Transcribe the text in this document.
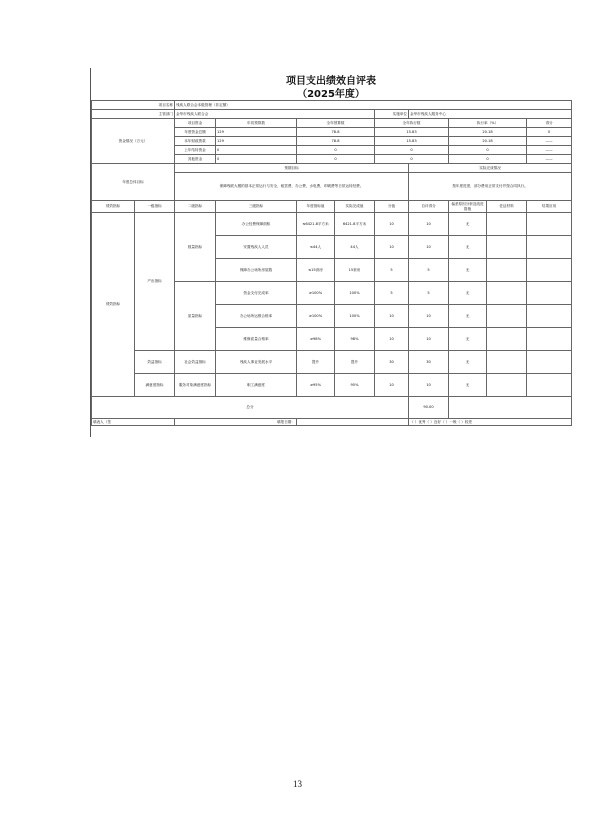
项目支出绩效自评表
（2025年度）
项目名称		残疾人联合会本级管理（非定额）								
主管部门		金华市残疾人联合会				实施单位	金华市残疾人服务中心			
资金情况（万元）		项目资金	年初预算数	全年预算数		全年执行数		执行率（%）		得分
		年度资金总额	129	78.8		15.83		20.18		0
		本年财政拨款	129	78.8		15.83		20.18		——
		上年结转资金	0	0		0		0		——
		其他资金	0	0		0		0		——
年度总体目标		预期目标					实际完成情况			
		保障残联大楼的基本正常运行与安全，租赁费，办公费，水电费，印刷费等日常运转经费。					按年度进度，部分费用正常支付并按合同执行。			
绩效指标	一级指标	二级指标	三级指标	年度指标值	实际完成值	分值	自评得分	偏差原因分析及改进措施	佐证材料	结果应用
绩效指标	产出指标	数量指标	办公经费保障面积	≤6421.8平方米	6421.8平方米	10	10	无		
			安置残疾人人员	≤44人	44人	10	10	无		
			保障办公场所房屋数	≤15套房	15套房	5	5	无		
		质量指标	资金支付完成率	≥100%	100%	5	5	无		
			办公场所运维合格率	≥100%	100%	10	10	无		
			维修质量合格率	≥98%	98%	10	10	无		
	效益指标	社会效益指标	残疾人事业发展水平	提升	提升	30	30	无		
	满意度指标	服务对象满意度指标	职工满意度	≥95%	95%	10	10	无		
总分							90.00			
填表人（签		填报日期：					（ ）优秀（ ）良好（ ）一般（ ）较差			
13
